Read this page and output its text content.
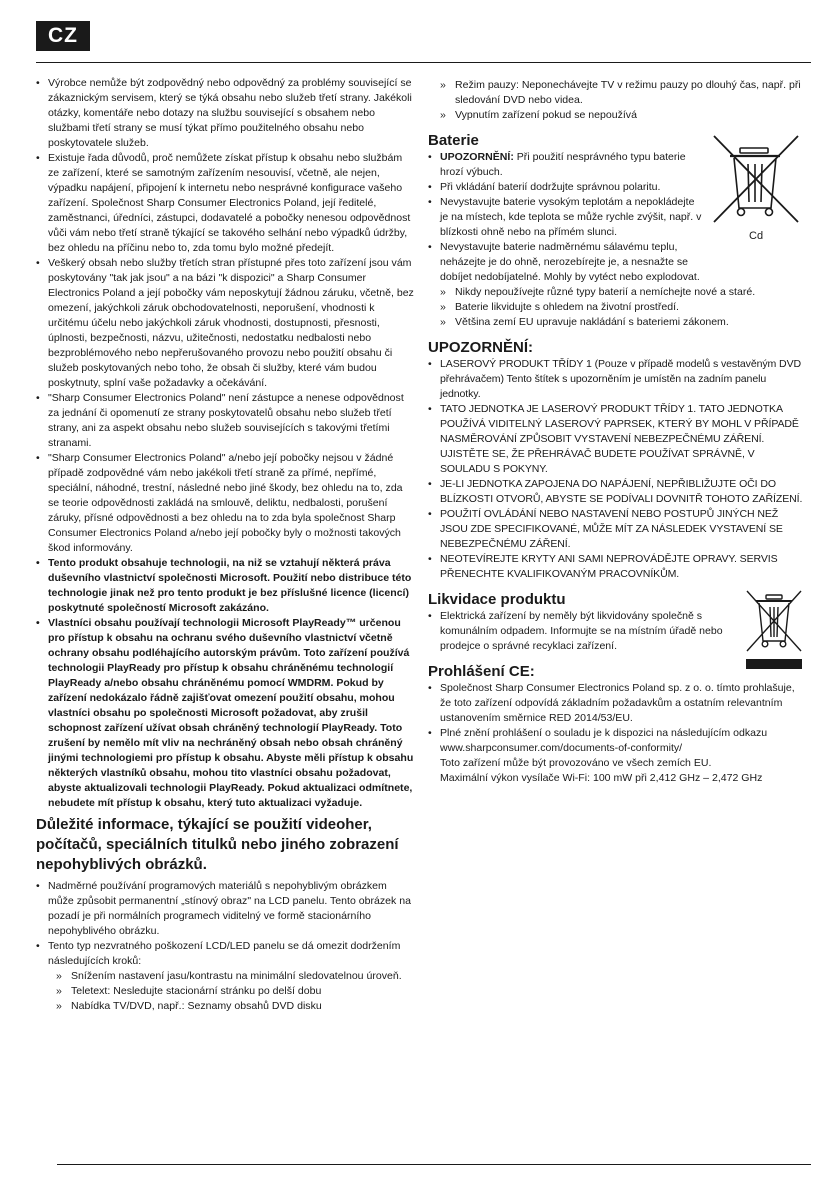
CZ
• Výrobce nemůže být zodpovědný nebo odpovědný za problémy související se zákaznickým servisem, který se týká obsahu nebo služeb třetí strany. Jakékoli otázky, komentáře nebo dotazy na službu související s obsahem nebo službami třetí strany se musí týkat přímo použitelného obsahu nebo poskytovatele služeb.
• Existuje řada důvodů, proč nemůžete získat přístup k obsahu nebo službám ze zařízení, které se samotným zařízením nesouvisí, včetně, ale nejen, výpadku napájení, připojení k internetu nebo nesprávné konfigurace vašeho zařízení. Společnost Sharp Consumer Electronics Poland, její ředitelé, zaměstnanci, úředníci, zástupci, dodavatelé a pobočky nenesou odpovědnost vůči vám nebo třetí straně týkající se takového selhání nebo výpadků údržby, bez ohledu na příčinu nebo to, zda tomu bylo možné předejít.
• Veškerý obsah nebo služby třetích stran přístupné přes toto zařízení jsou vám poskytovány "tak jak jsou" a na bázi "k dispozici" a Sharp Consumer Electronics Poland a její pobočky vám neposkytují žádnou záruku, včetně, bez omezení, jakýchkoli záruk obchodovatelnosti, neporušení, vhodnosti k určitému účelu nebo jakýchkoli záruk vhodnosti, dostupnosti, přesnosti, úplnosti, bezpečnosti, názvu, užitečnosti, nedostatku nedbalosti nebo bezproblémového nebo nepřerušovaného provozu nebo použití obsahu či služeb poskytovaných nebo toho, že obsah či služby, které vám budou poskytnuty, splní vaše požadavky a očekávání.
• "Sharp Consumer Electronics Poland" není zástupce a nenese odpovědnost za jednání či opomenutí ze strany poskytovatelů obsahu nebo služeb třetí strany, ani za aspekt obsahu nebo služeb souvisejících s takovými třetími stranami.
• "Sharp Consumer Electronics Poland" a/nebo její pobočky nejsou v žádné případě zodpovědné vám nebo jakékoli třetí straně za přímé, nepřímé, speciální, náhodné, trestní, následné nebo jiné škody, bez ohledu na to, zda se teorie odpovědnosti zakládá na smlouvě, deliktu, nedbalosti, porušení záruky, přísné odpovědnosti a bez ohledu na to zda byla společnost Sharp Consumer Electronics Poland a/nebo její pobočky byly o možnosti takových škod informovány.
• Tento produkt obsahuje technologii, na niž se vztahují některá práva duševního vlastnictví společnosti Microsoft. Použití nebo distribuce této technologie jinak než pro tento produkt je bez příslušné licence (licencí) poskytnuté společností Microsoft zakázáno.
• Vlastníci obsahu používají technologii Microsoft PlayReady™ určenou pro přístup k obsahu na ochranu svého duševního vlastnictví včetně ochrany obsahu podléhajícího autorským právům. Toto zařízení používá technologii PlayReady pro přístup k obsahu chráněnému technologií PlayReady a/nebo obsahu chráněnému pomocí WMDRM. Pokud by zařízení nedokázalo řádně zajišťovat omezení použití obsahu, mohou vlastníci obsahu po společnosti Microsoft požadovat, aby zrušil schopnost zařízení užívat obsah chráněný technologií PlayReady. Toto zrušení by nemělo mít vliv na nechráněný obsah nebo obsah chráněný jinými technologiemi pro přístup k obsahu. Abyste měli přístup k obsahu některých vlastníků obsahu, mohou tito vlastníci obsahu požadovat, abyste aktualizovali technologii PlayReady. Pokud aktualizaci odmítnete, nebudete mít přístup k obsahu, který tuto aktualizaci vyžaduje.
Důležité informace, týkající se použití videoher, počítačů, speciálních titulků nebo jiného zobrazení nepohyblivých obrázků.
• Nadměrné používání programových materiálů s nepohyblivým obrázkem může způsobit permanentní „stínový obraz" na LCD panelu. Tento obrázek na pozadí je při normálních programech viditelný ve formě stacionárního nepohyblivého obrázku.
• Tento typ nezvratného poškození LCD/LED panelu se dá omezit dodržením následujících kroků:
» Snížením nastavení jasu/kontrastu na minimální sledovatelnou úroveň.
» Teletext: Nesledujte stacionární stránku po delší dobu
» Nabídka TV/DVD, např.: Seznamy obsahů DVD disku
» Režim pauzy: Neponechávejte TV v režimu pauzy po dlouhý čas, např. při sledování DVD nebo videa.
» Vypnutím zařízení pokud se nepoužívá
Baterie
• UPOZORNĚNÍ: Při použití nesprávného typu baterie hrozí výbuch.
• Při vkládání baterií dodržujte správnou polaritu.
• Nevystavujte baterie vysokým teplotám a nepokládejte je na místech, kde teplota se může rychle zvýšit, např. v blízkosti ohně nebo na přímém slunci.
• Nevystavujte baterie nadměrnému sálavému teplu, neházejte je do ohně, nerozebírejte je, a nesnažte se dobíjet nedobíjatelné. Mohly by vytéct nebo explodovat.
» Nikdy nepoužívejte různé typy baterií a nemíchejte nové a staré.
» Baterie likvidujte s ohledem na životní prostředí.
» Většina zemí EU upravuje nakládání s bateriemi zákonem.
Cd
UPOZORNĚNÍ:
• LASEROVÝ PRODUKT TŘÍDY 1 (Pouze v případě modelů s vestavěným DVD přehrávačem) Tento štítek s upozorněním je umístěn na zadním panelu jednotky.
• TATO JEDNOTKA JE LASEROVÝ PRODUKT TŘÍDY 1. TATO JEDNOTKA POUŽÍVÁ VIDITELNÝ LASEROVÝ PAPRSEK, KTERÝ BY MOHL V PŘÍPADĚ NASMĚROVÁNÍ ZPŮSOBIT VYSTAVENÍ NEBEZPEČNÉMU ZÁŘENÍ. UJISTĚTE SE, ŽE PŘEHRÁVAČ BUDETE POUŽÍVAT SPRÁVNĚ, V SOULADU S POKYNY.
• JE-LI JEDNOTKA ZAPOJENA DO NAPÁJENÍ, NEPŘIBLIŽUJTE OČI DO BLÍZKOSTI OTVORŮ, ABYSTE SE PODÍVALI DOVNITŘ TOHOTO ZAŘÍZENÍ.
• POUŽITÍ OVLÁDÁNÍ NEBO NASTAVENÍ NEBO POSTUPŮ JINÝCH NEŽ JSOU ZDE SPECIFIKOVANÉ, MŮŽE MÍT ZA NÁSLEDEK VYSTAVENÍ SE NEBEZPEČNÉMU ZÁŘENÍ.
• NEOTEVÍREJTE KRYTY ANI SAMI NEPROVÁDĚJTE OPRAVY. SERVIS PŘENECHTE KVALIFIKOVANÝM PRACOVNÍKŮM.
Likvidace produktu
• Elektrická zařízení by neměly být likvidovány společně s komunálním odpadem. Informujte se na místním úřadě nebo prodejce o správné recyklaci zařízení.
Prohlášení CE:
• Společnost Sharp Consumer Electronics Poland sp. z o. o. tímto prohlašuje, že toto zařízení odpovídá základním požadavkům a ostatním relevantním ustanovením směrnice RED 2014/53/EU.
• Plné znění prohlášení o souladu je k dispozici na následujícím odkazu
www.sharpconsumer.com/documents-of-conformity/
Toto zařízení může být provozováno ve všech zemích EU.
Maximální výkon vysílače Wi-Fi: 100 mW při 2,412 GHz – 2,472 GHz
